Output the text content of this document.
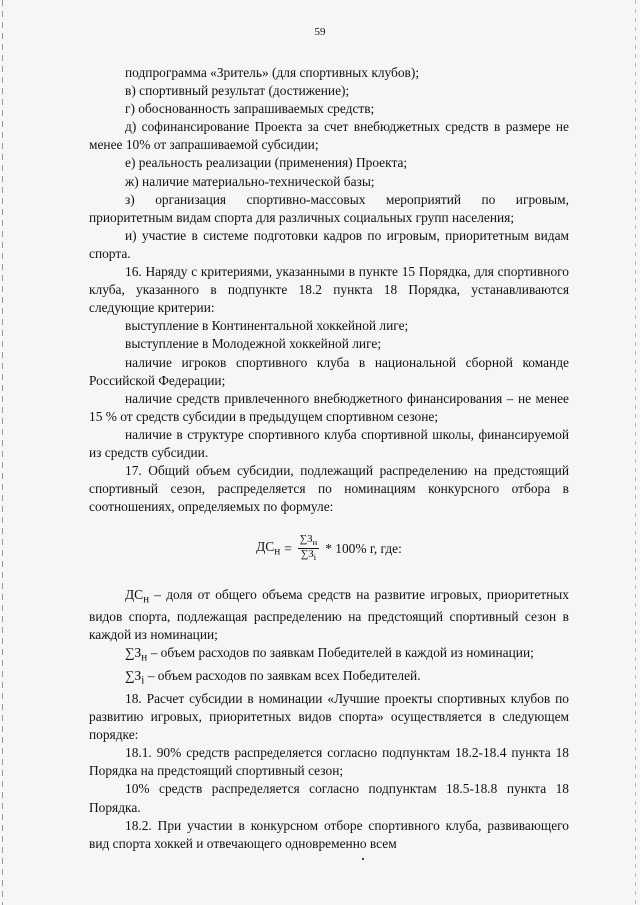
59

подпрограмма «Зритель» (для спортивных клубов);

в) спортивный результат (достижение);

г) обоснованность запрашиваемых средств;

д) софинансирование Проекта за счет внебюджетных средств в размере не менее 10% от запрашиваемой субсидии;

е) реальность реализации (применения) Проекта;

ж) наличие материально-технической базы;

з) организация спортивно-массовых мероприятий по игровым, приоритетным видам спорта для различных социальных групп населения;

и) участие в системе подготовки кадров по игровым, приоритетным видам спорта.

16. Наряду с критериями, указанными в пункте 15 Порядка, для спортивного клуба, указанного в подпункте 18.2 пункта 18 Порядка, устанавливаются следующие критерии:

выступление в Континентальной хоккейной лиге;

выступление в Молодежной хоккейной лиге;

наличие игроков спортивного клуба в национальной сборной команде Российской Федерации;

наличие средств привлеченного внебюджетного финансирования – не менее 15 % от средств субсидии в предыдущем спортивном сезоне;

наличие в структуре спортивного клуба спортивной школы, финансируемой из средств субсидии.

17. Общий объем субсидии, подлежащий распределению на предстоящий спортивный сезон, распределяется по номинациям конкурсного отбора в соотношениях, определяемых по формуле:

$ДС_н = \frac{\sum З_н}{\sum З_i} * 100\%$ г, где:

$ДС_н$ – доля от общего объема средств на развитие игровых, приоритетных видов спорта, подлежащая распределению на предстоящий спортивный сезон в каждой из номинации;

$\sum З_н$ – объем расходов по заявкам Победителей в каждой из номинации;

$\sum З_i$ – объем расходов по заявкам всех Победителей.

18. Расчет субсидии в номинации «Лучшие проекты спортивных клубов по развитию игровых, приоритетных видов спорта» осуществляется в следующем порядке:

18.1. 90% средств распределяется согласно подпунктам 18.2-18.4 пункта 18 Порядка на предстоящий спортивный сезон;

10% средств распределяется согласно подпунктам 18.5-18.8 пункта 18 Порядка.

18.2. При участии в конкурсном отборе спортивного клуба, развивающего вид спорта хоккей и отвечающего одновременно всем
